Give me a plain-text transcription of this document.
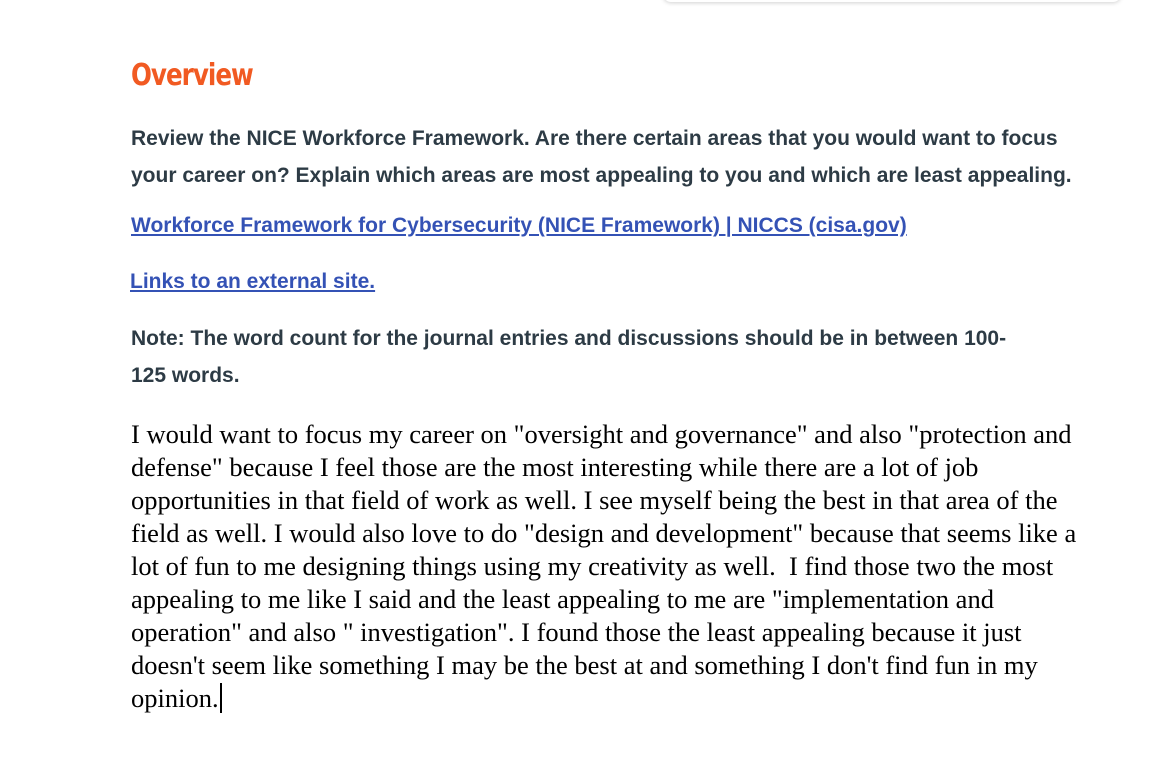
Overview

Review the NICE Workforce Framework. Are there certain areas that you would want to focus your career on? Explain which areas are most appealing to you and which are least appealing.

Workforce Framework for Cybersecurity (NICE Framework) | NICCS (cisa.gov)
Links to an external site.

Note: The word count for the journal entries and discussions should be in between 100-125 words.

I would want to focus my career on "oversight and governance" and also "protection and defense" because I feel those are the most interesting while there are a lot of job opportunities in that field of work as well. I see myself being the best in that area of the field as well. I would also love to do "design and development" because that seems like a lot of fun to me designing things using my creativity as well.  I find those two the most appealing to me like I said and the least appealing to me are "implementation and operation" and also " investigation". I found those the least appealing because it just doesn't seem like something I may be the best at and something I don't find fun in my opinion.
